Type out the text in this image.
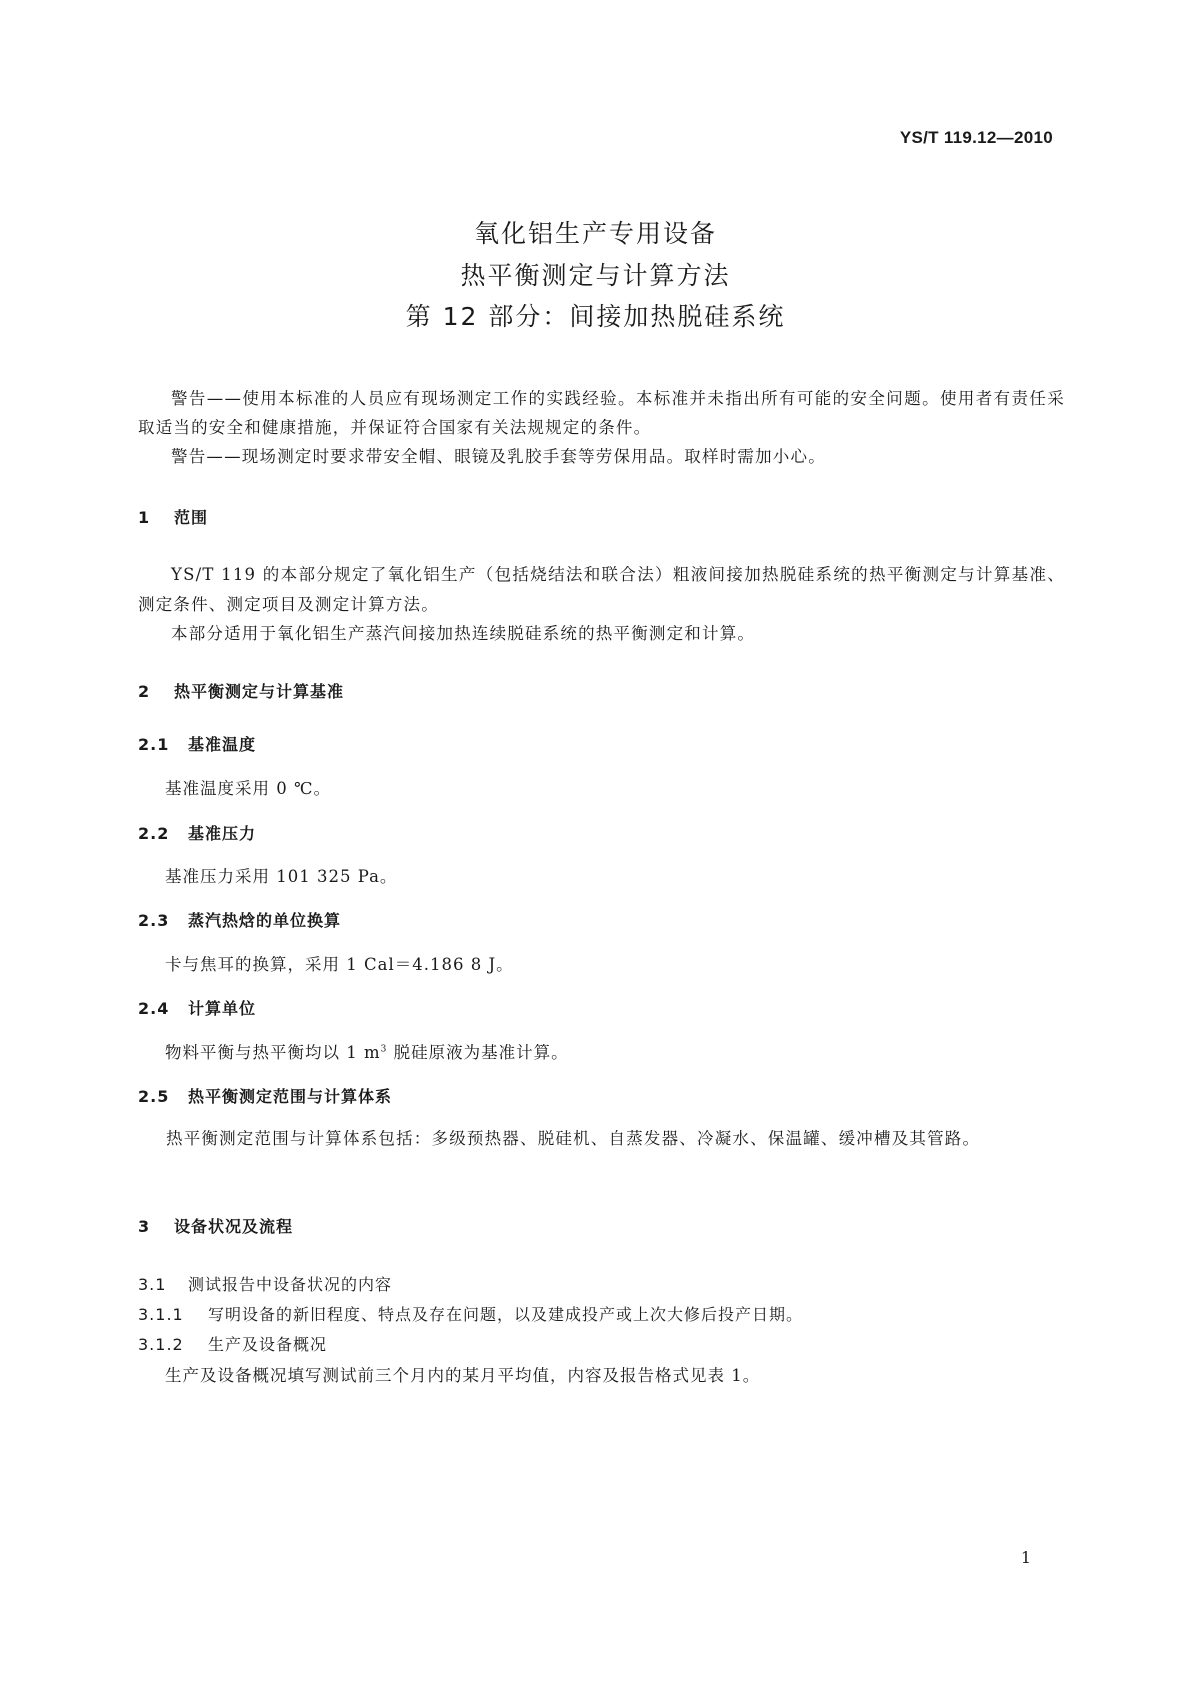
YS/T 119.12—2010
氧化铝生产专用设备
热平衡测定与计算方法
第 12 部分：间接加热脱硅系统
警告——使用本标准的人员应有现场测定工作的实践经验。本标准并未指出所有可能的安全问题。使用者有责任采取适当的安全和健康措施，并保证符合国家有关法规规定的条件。
警告——现场测定时要求带安全帽、眼镜及乳胶手套等劳保用品。取样时需加小心。
1 范围
YS/T 119 的本部分规定了氧化铝生产（包括烧结法和联合法）粗液间接加热脱硅系统的热平衡测定与计算基准、测定条件、测定项目及测定计算方法。
本部分适用于氧化铝生产蒸汽间接加热连续脱硅系统的热平衡测定和计算。
2 热平衡测定与计算基准
2.1 基准温度
基准温度采用 0 ℃。
2.2 基准压力
基准压力采用 101 325 Pa。
2.3 蒸汽热焓的单位换算
卡与焦耳的换算，采用 1 Cal＝4.186 8 J。
2.4 计算单位
物料平衡与热平衡均以 1 $m^3$ 脱硅原液为基准计算。
2.5 热平衡测定范围与计算体系
热平衡测定范围与计算体系包括：多级预热器、脱硅机、自蒸发器、冷凝水、保温罐、缓冲槽及其管路。
3 设备状况及流程
3.1 测试报告中设备状况的内容
3.1.1 写明设备的新旧程度、特点及存在问题，以及建成投产或上次大修后投产日期。
3.1.2 生产及设备概况
生产及设备概况填写测试前三个月内的某月平均值，内容及报告格式见表 1。
1
